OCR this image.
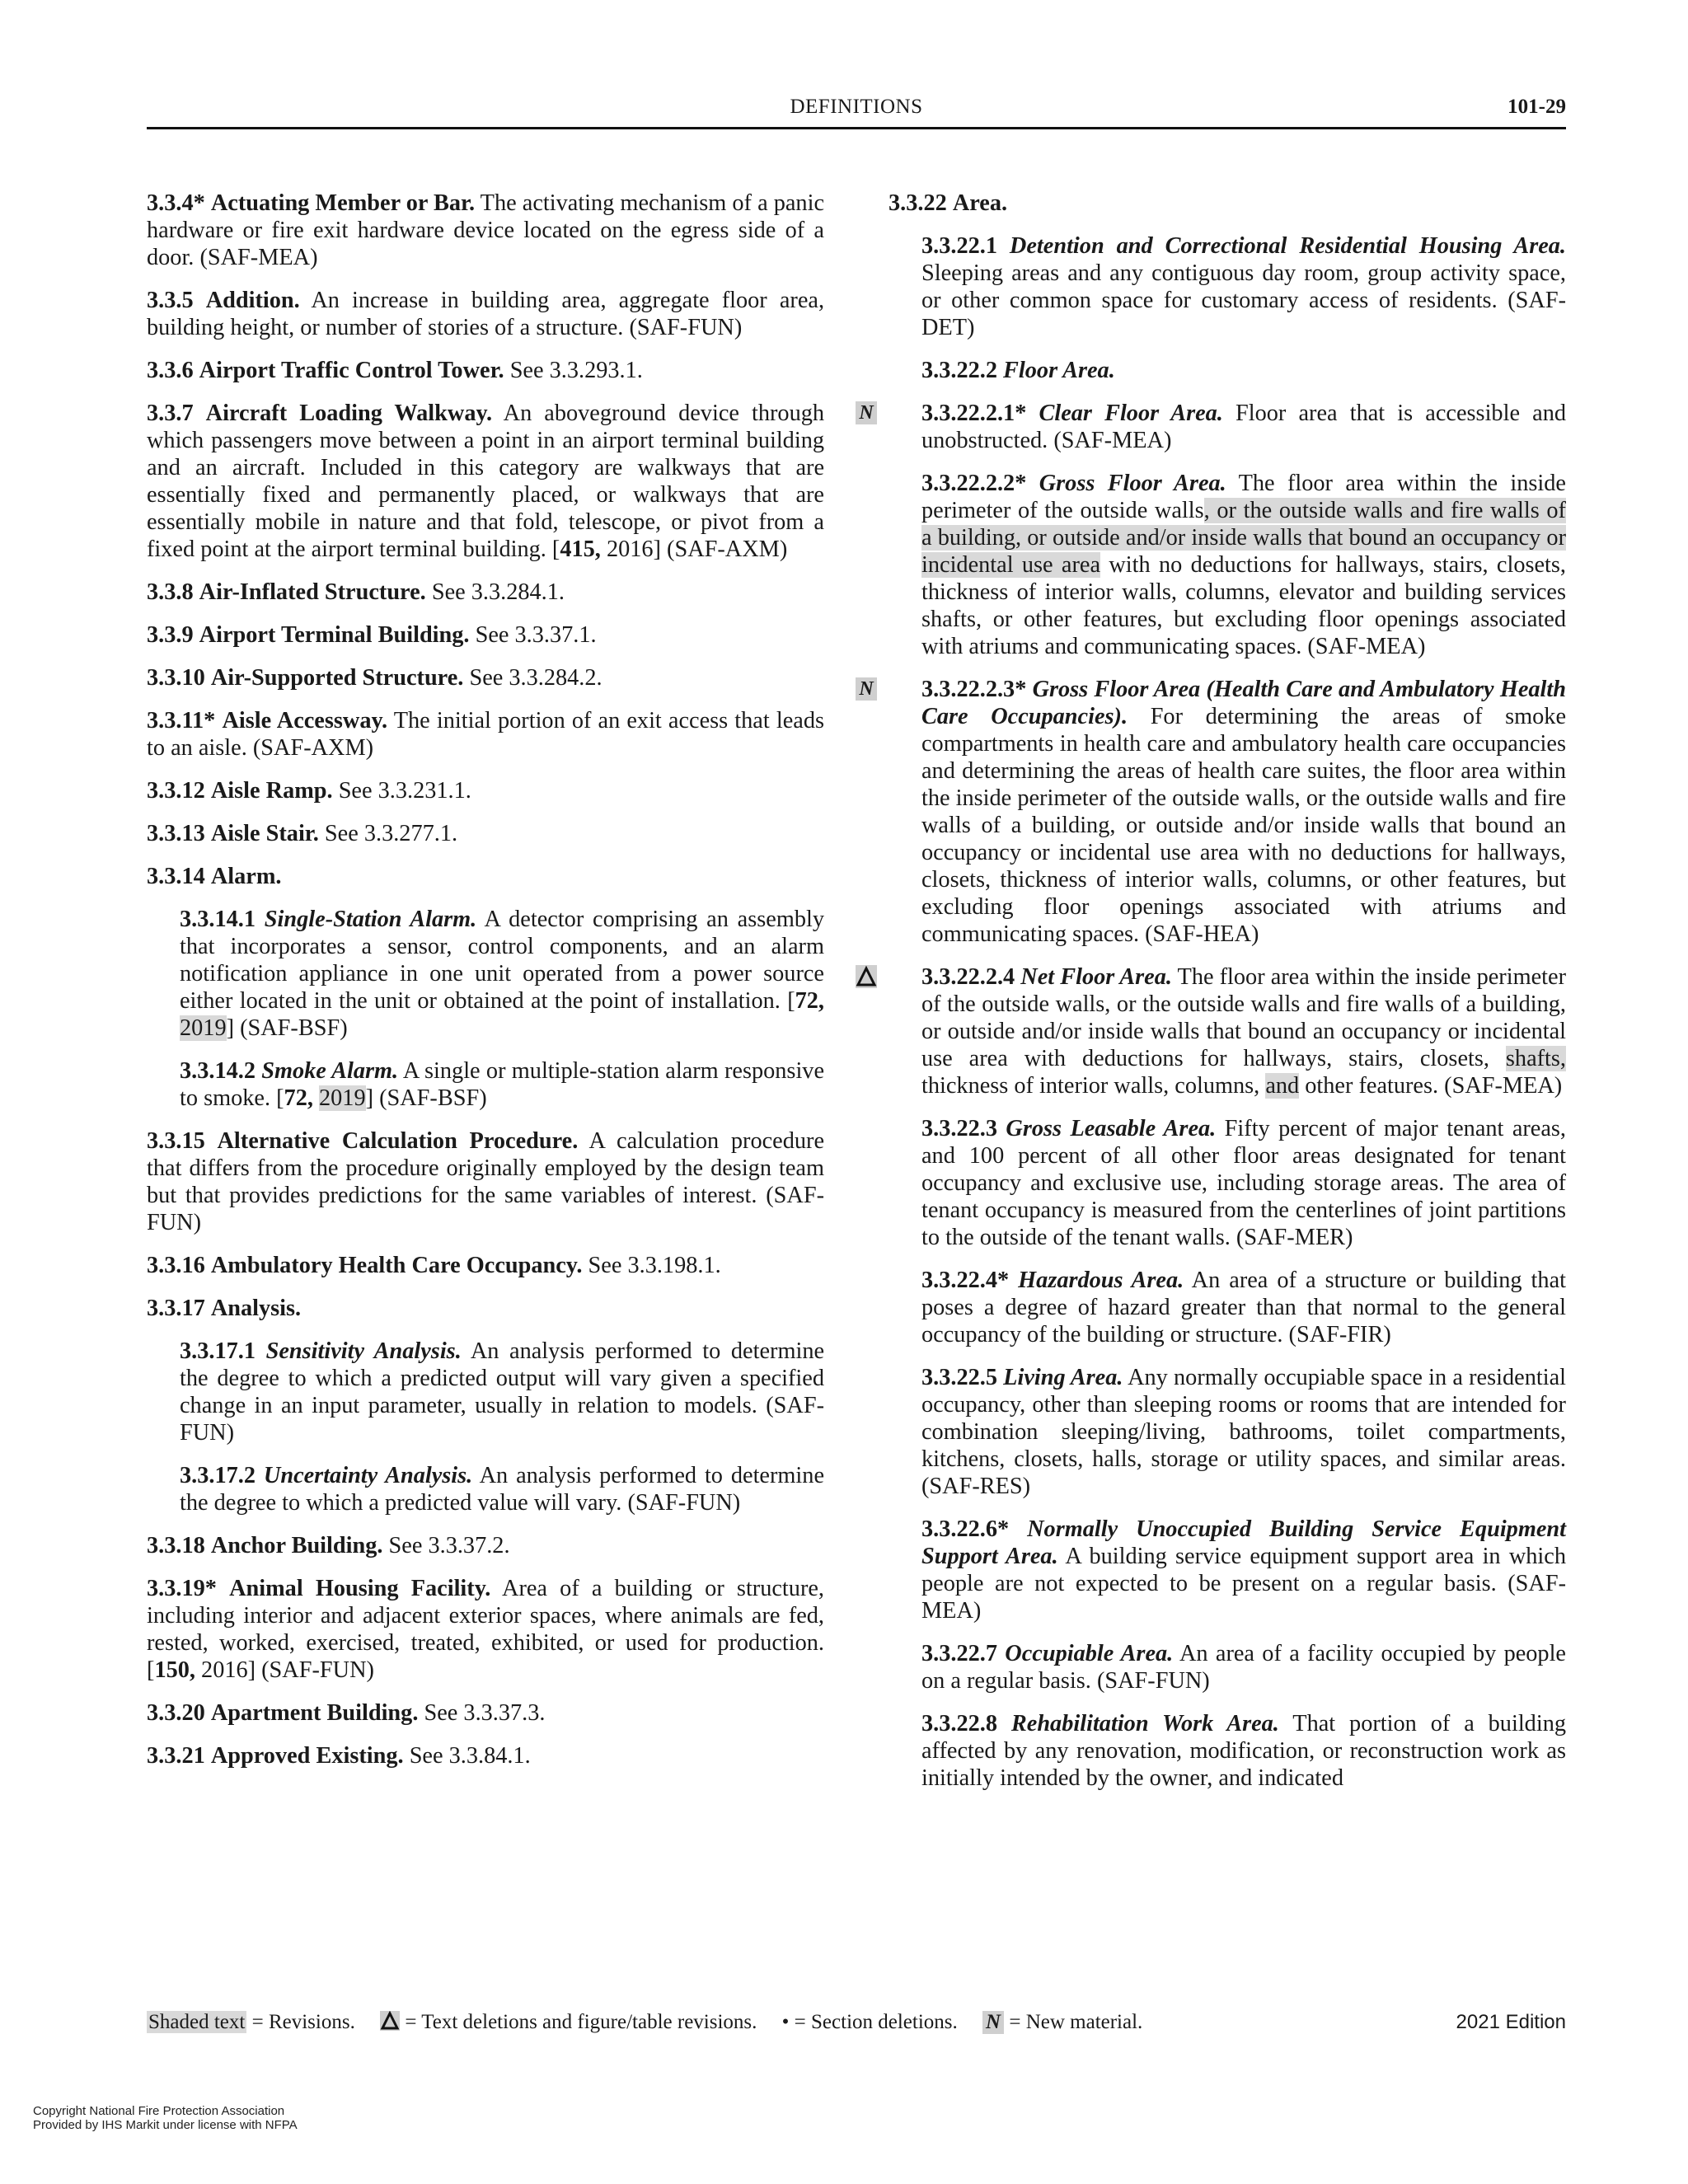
DEFINITIONS	101-29

3.3.4* Actuating Member or Bar. The activating mechanism of a panic hardware or fire exit hardware device located on the egress side of a door. (SAF-MEA)

3.3.5 Addition. An increase in building area, aggregate floor area, building height, or number of stories of a structure. (SAF-FUN)

3.3.6 Airport Traffic Control Tower. See 3.3.293.1.

3.3.7 Aircraft Loading Walkway. An aboveground device through which passengers move between a point in an airport terminal building and an aircraft. Included in this category are walkways that are essentially fixed and permanently placed, or walkways that are essentially mobile in nature and that fold, telescope, or pivot from a fixed point at the airport terminal building. [415, 2016] (SAF-AXM)

3.3.8 Air-Inflated Structure. See 3.3.284.1.

3.3.9 Airport Terminal Building. See 3.3.37.1.

3.3.10 Air-Supported Structure. See 3.3.284.2.

3.3.11* Aisle Accessway. The initial portion of an exit access that leads to an aisle. (SAF-AXM)

3.3.12 Aisle Ramp. See 3.3.231.1.

3.3.13 Aisle Stair. See 3.3.277.1.

3.3.14 Alarm.

3.3.14.1 Single-Station Alarm. A detector comprising an assembly that incorporates a sensor, control components, and an alarm notification appliance in one unit operated from a power source either located in the unit or obtained at the point of installation. [72, 2019] (SAF-BSF)

3.3.14.2 Smoke Alarm. A single or multiple-station alarm responsive to smoke. [72, 2019] (SAF-BSF)

3.3.15 Alternative Calculation Procedure. A calculation procedure that differs from the procedure originally employed by the design team but that provides predictions for the same variables of interest. (SAF-FUN)

3.3.16 Ambulatory Health Care Occupancy. See 3.3.198.1.

3.3.17 Analysis.

3.3.17.1 Sensitivity Analysis. An analysis performed to determine the degree to which a predicted output will vary given a specified change in an input parameter, usually in relation to models. (SAF-FUN)

3.3.17.2 Uncertainty Analysis. An analysis performed to determine the degree to which a predicted value will vary. (SAF-FUN)

3.3.18 Anchor Building. See 3.3.37.2.

3.3.19* Animal Housing Facility. Area of a building or structure, including interior and adjacent exterior spaces, where animals are fed, rested, worked, exercised, treated, exhibited, or used for production. [150, 2016] (SAF-FUN)

3.3.20 Apartment Building. See 3.3.37.3.

3.3.21 Approved Existing. See 3.3.84.1.

3.3.22 Area.

3.3.22.1 Detention and Correctional Residential Housing Area. Sleeping areas and any contiguous day room, group activity space, or other common space for customary access of residents. (SAF-DET)

3.3.22.2 Floor Area.

N 3.3.22.2.1* Clear Floor Area. Floor area that is accessible and unobstructed. (SAF-MEA)

3.3.22.2.2* Gross Floor Area. The floor area within the inside perimeter of the outside walls, or the outside walls and fire walls of a building, or outside and/or inside walls that bound an occupancy or incidental use area with no deductions for hallways, stairs, closets, thickness of interior walls, columns, elevator and building services shafts, or other features, but excluding floor openings associated with atriums and communicating spaces. (SAF-MEA)

N 3.3.22.2.3* Gross Floor Area (Health Care and Ambulatory Health Care Occupancies). For determining the areas of smoke compartments in health care and ambulatory health care occupancies and determining the areas of health care suites, the floor area within the inside perimeter of the outside walls, or the outside walls and fire walls of a building, or outside and/or inside walls that bound an occupancy or incidental use area with no deductions for hallways, closets, thickness of interior walls, columns, or other features, but excluding floor openings associated with atriums and communicating spaces. (SAF-HEA)

3.3.22.2.4 Net Floor Area. The floor area within the inside perimeter of the outside walls, or the outside walls and fire walls of a building, or outside and/or inside walls that bound an occupancy or incidental use area with deductions for hallways, stairs, closets, shafts, thickness of interior walls, columns, and other features. (SAF-MEA)

3.3.22.3 Gross Leasable Area. Fifty percent of major tenant areas, and 100 percent of all other floor areas designated for tenant occupancy and exclusive use, including storage areas. The area of tenant occupancy is measured from the centerlines of joint partitions to the outside of the tenant walls. (SAF-MER)

3.3.22.4* Hazardous Area. An area of a structure or building that poses a degree of hazard greater than that normal to the general occupancy of the building or structure. (SAF-FIR)

3.3.22.5 Living Area. Any normally occupiable space in a residential occupancy, other than sleeping rooms or rooms that are intended for combination sleeping/living, bathrooms, toilet compartments, kitchens, closets, halls, storage or utility spaces, and similar areas. (SAF-RES)

3.3.22.6* Normally Unoccupied Building Service Equipment Support Area. A building service equipment support area in which people are not expected to be present on a regular basis. (SAF-MEA)

3.3.22.7 Occupiable Area. An area of a facility occupied by people on a regular basis. (SAF-FUN)

3.3.22.8 Rehabilitation Work Area. That portion of a building affected by any renovation, modification, or reconstruction work as initially intended by the owner, and indicated

Shaded text = Revisions. = Text deletions and figure/table revisions. • = Section deletions. N = New material.	2021 Edition
Copyright National Fire Protection Association
Provided by IHS Markit under license with NFPA
